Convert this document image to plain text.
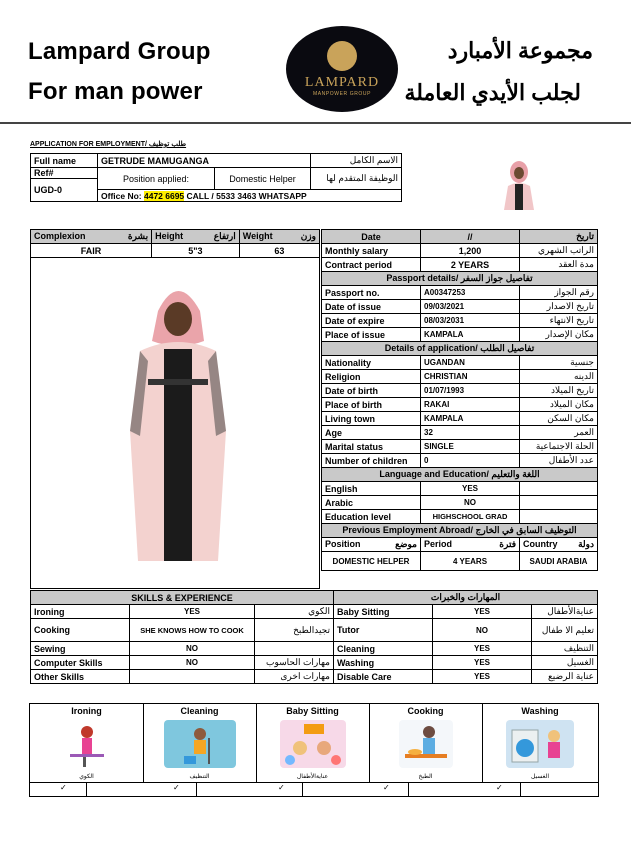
Lampard Group
For man power
مجموعة الأمبارد
لجلب الأيدي العاملة
LAMPARD
MANPOWER GROUP
APPLICATION FOR EMPLOYMENT/ طلب توظيف
Full name	GETRUDE MAMUGANGA		الاسم الكامل
Ref#	Position applied:	Domestic Helper	الوظيفة المتقدم لها
UGD-0			
	Office No: 4472 6695 CALL / 5533 3463 WHATSAPP		
Complexion بشرة	Height ارتفاع	Weight وزن

FAIR	5"3	63

Date	//	تاريخ
Monthly salary	1,200	الراتب الشهري
Contract period	2 YEARS	مدة العقد
Passport details/ تفاصيل جواز السفر		
Passport no.	A00347253	رقم الجواز
Date of issue	09/03/2021	تاريخ الاصدار
Date of expire	08/03/2031	تاريخ الانتهاء
Place of issue	KAMPALA	مكان الإصدار
Details of application/ تفاصيل الطلب		
Nationality	UGANDAN	جنسية
Religion	CHRISTIAN	الدينه
Date of birth	01/07/1993	تاريخ الميلاد
Place of birth	RAKAI	مكان الميلاد
Living town	KAMPALA	مكان السكن
Age	32	العمر
Marital status	SINGLE	الحلة الاجتماعية
Number of children	0	عدد الأطفال
Language and Education/ اللغة والتعليم		
English	YES	
Arabic	NO	
Education level	HIGHSCHOOL GRAD	
Previous Employment Abroad/ التوظيف السابق في الخارج		
Position موضع	Period فترة	Country دولة

DOMESTIC HELPER	4 YEARS	SAUDI ARABIA
SKILLS & EXPERIENCE			المهارات والخبرات		
Ironing	YES	الكوي	Baby Sitting	YES	عنايةالأطفال
Cooking	SHE KNOWS HOW TO COOK	تجيدالطبخ	Tutor	NO	تعليم الا طفال
Sewing	NO		Cleaning	YES	التنظيف
Computer Skills	NO	مهارات الحاسوب	Washing	YES	الغسيل
Other Skills		مهارات اخرى	Disable Care	YES	عناية الرضيع
Ironing
الكوي
Cleaning
التنظيف
Baby Sitting
عنايةالأطفال
Cooking
الطبخ
Washing
الغسيل
✓	✓	✓	✓	✓
